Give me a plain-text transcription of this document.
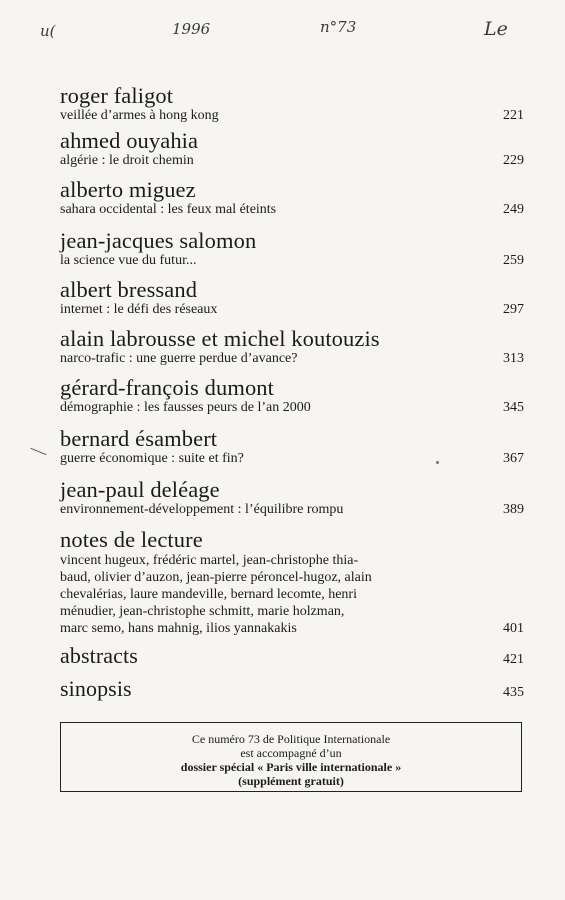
u(	1996	n°73	Le
roger faligot
veillée d’armes à hong kong	221
ahmed ouyahia
algérie : le droit chemin	229
alberto miguez
sahara occidental : les feux mal éteints	249
jean-jacques salomon
la science vue du futur...	259
albert bressand
internet : le défi des réseaux	297
alain labrousse et michel koutouzis
narco-trafic : une guerre perdue d’avance?	313
gérard-françois dumont
démographie : les fausses peurs de l’an 2000	345
bernard ésambert
guerre économique : suite et fin?	367
jean-paul deléage
environnement-développement : l’équilibre rompu	389
notes de lecture
vincent hugeux, frédéric martel, jean-christophe thia-
baud, olivier d’auzon, jean-pierre péroncel-hugoz, alain
chevalérias, laure mandeville, bernard lecomte, henri
ménudier, jean-christophe schmitt, marie holzman,
marc semo, hans mahnig, ilios yannakakis	401
abstracts	421
sinopsis	435
Ce numéro 73 de Politique Internationale
est accompagné d’un
dossier spécial « Paris ville internationale »
(supplément gratuit)
